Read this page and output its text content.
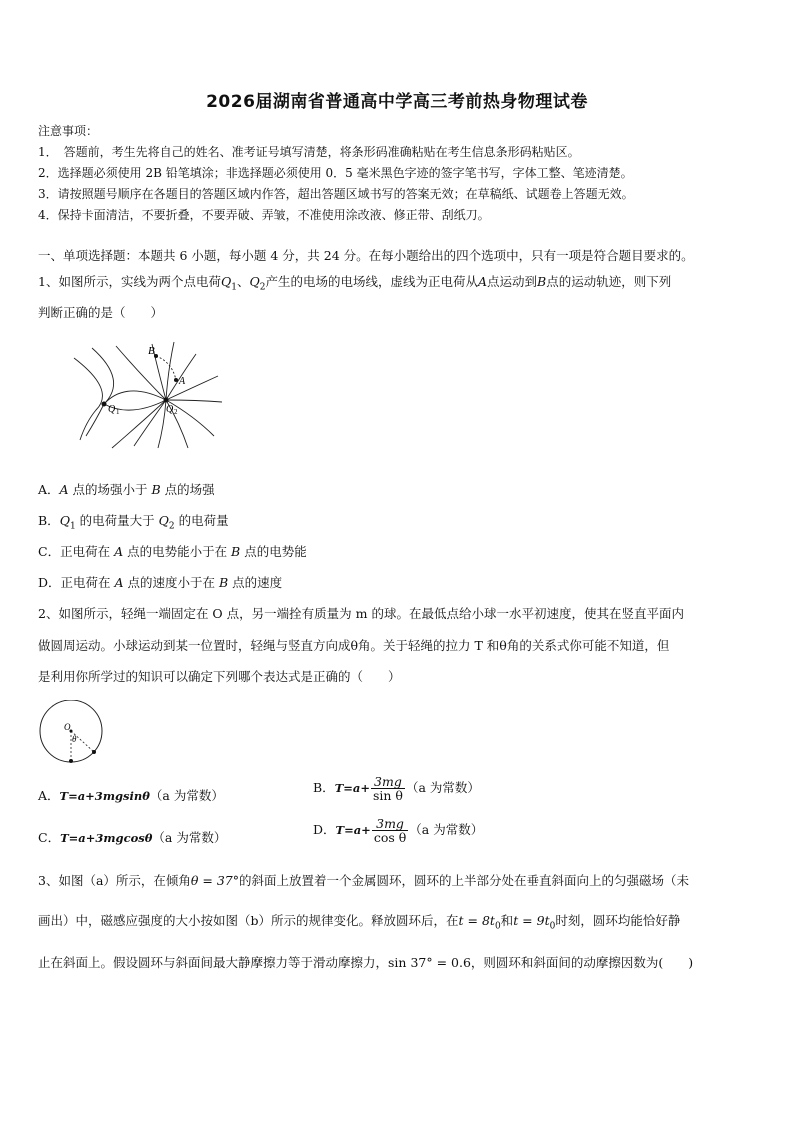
2026届湖南省普通高中学高三考前热身物理试卷
注意事项：
1．　答题前，考生先将自己的姓名、准考证号填写清楚，将条形码准确粘贴在考生信息条形码粘贴区。
2．选择题必须使用 2B 铅笔填涂；非选择题必须使用 0．5 毫米黑色字迹的签字笔书写，字体工整、笔迹清楚。
3．请按照题号顺序在各题目的答题区域内作答，超出答题区域书写的答案无效；在草稿纸、试题卷上答题无效。
4．保持卡面清洁，不要折叠，不要弄破、弄皱，不准使用涂改液、修正带、刮纸刀。
一、单项选择题：本题共 6 小题，每小题 4 分，共 24 分。在每小题给出的四个选项中，只有一项是符合题目要求的。
1、如图所示，实线为两个点电荷$Q_1$、$Q_2$产生的电场的电场线，虚线为正电荷从A点运动到B点的运动轨迹，则下列
判断正确的是（　　）
B
A
Q 1	Q 2
A．A 点的场强小于 B 点的场强
B．$Q_1$ 的电荷量大于 $Q_2$ 的电荷量
C．正电荷在 A 点的电势能小于在 B 点的电势能
D．正电荷在 A 点的速度小于在 B 点的速度
2、如图所示，轻绳一端固定在 O 点，另一端拴有质量为 m 的球。在最低点给小球一水平初速度，使其在竖直平面内
做圆周运动。小球运动到某一位置时，轻绳与竖直方向成θ角。关于轻绳的拉力 T 和θ角的关系式你可能不知道，但
是利用你所学过的知识可以确定下列哪个表达式是正确的（　　）
O
θ
A．T=a+3mgsinθ（a 为常数）
B．$T=a+ \frac{3mg}{\text{sin θ}} (a$ 为常数）
C．T=a+3mgcosθ（a 为常数）
D．$T=a+ \frac{3mg}{\text{cos θ}} (a$ 为常数）
3、如图（a）所示，在倾角θ = 37°的斜面上放置着一个金属圆环，圆环的上半部分处在垂直斜面向上的匀强磁场（未
画出）中，磁感应强度的大小按如图（b）所示的规律变化。释放圆环后，在$t = 8t_0$和$t = 9t_0$时刻，圆环均能恰好静
止在斜面上。假设圆环与斜面间最大静摩擦力等于滑动摩擦力，sin 37° = 0.6，则圆环和斜面间的动摩擦因数为(　　)
